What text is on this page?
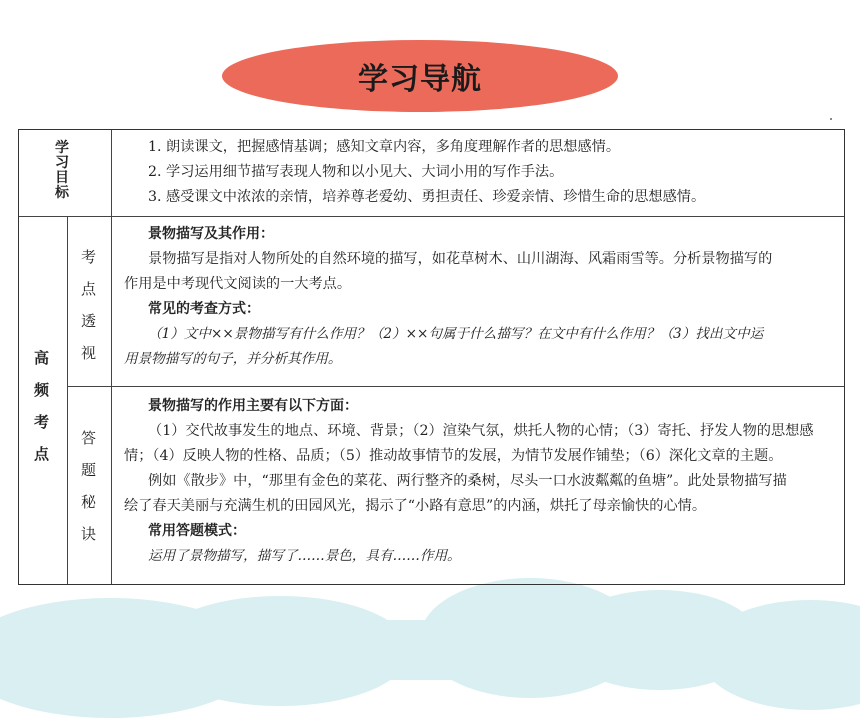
学习导航
学
习
目
标
1. 朗读课文，把握感情基调；感知文章内容，多角度理解作者的思想感情。
2. 学习运用细节描写表现人物和以小见大、大词小用的写作手法。
3. 感受课文中浓浓的亲情，培养尊老爱幼、勇担责任、珍爱亲情、珍惜生命的思想感情。
高
频
考
点
考
点
透
视
景物描写及其作用：
景物描写是指对人物所处的自然环境的描写，如花草树木、山川湖海、风霜雨雪等。分析景物描写的
作用是中考现代文阅读的一大考点。
常见的考查方式：
（1）文中××景物描写有什么作用？（2）××句属于什么描写？在文中有什么作用？（3）找出文中运
用景物描写的句子，并分析其作用。
答
题
秘
诀
景物描写的作用主要有以下方面：
（1）交代故事发生的地点、环境、背景；（2）渲染气氛，烘托人物的心情；（3）寄托、抒发人物的思想感
情；（4）反映人物的性格、品质；（5）推动故事情节的发展，为情节发展作铺垫；（6）深化文章的主题。
例如《散步》中，“那里有金色的菜花、两行整齐的桑树，尽头一口水波粼粼的鱼塘”。此处景物描写描
绘了春天美丽与充满生机的田园风光，揭示了“小路有意思”的内涵，烘托了母亲愉快的心情。
常用答题模式：
运用了景物描写，描写了……景色，具有……作用。
